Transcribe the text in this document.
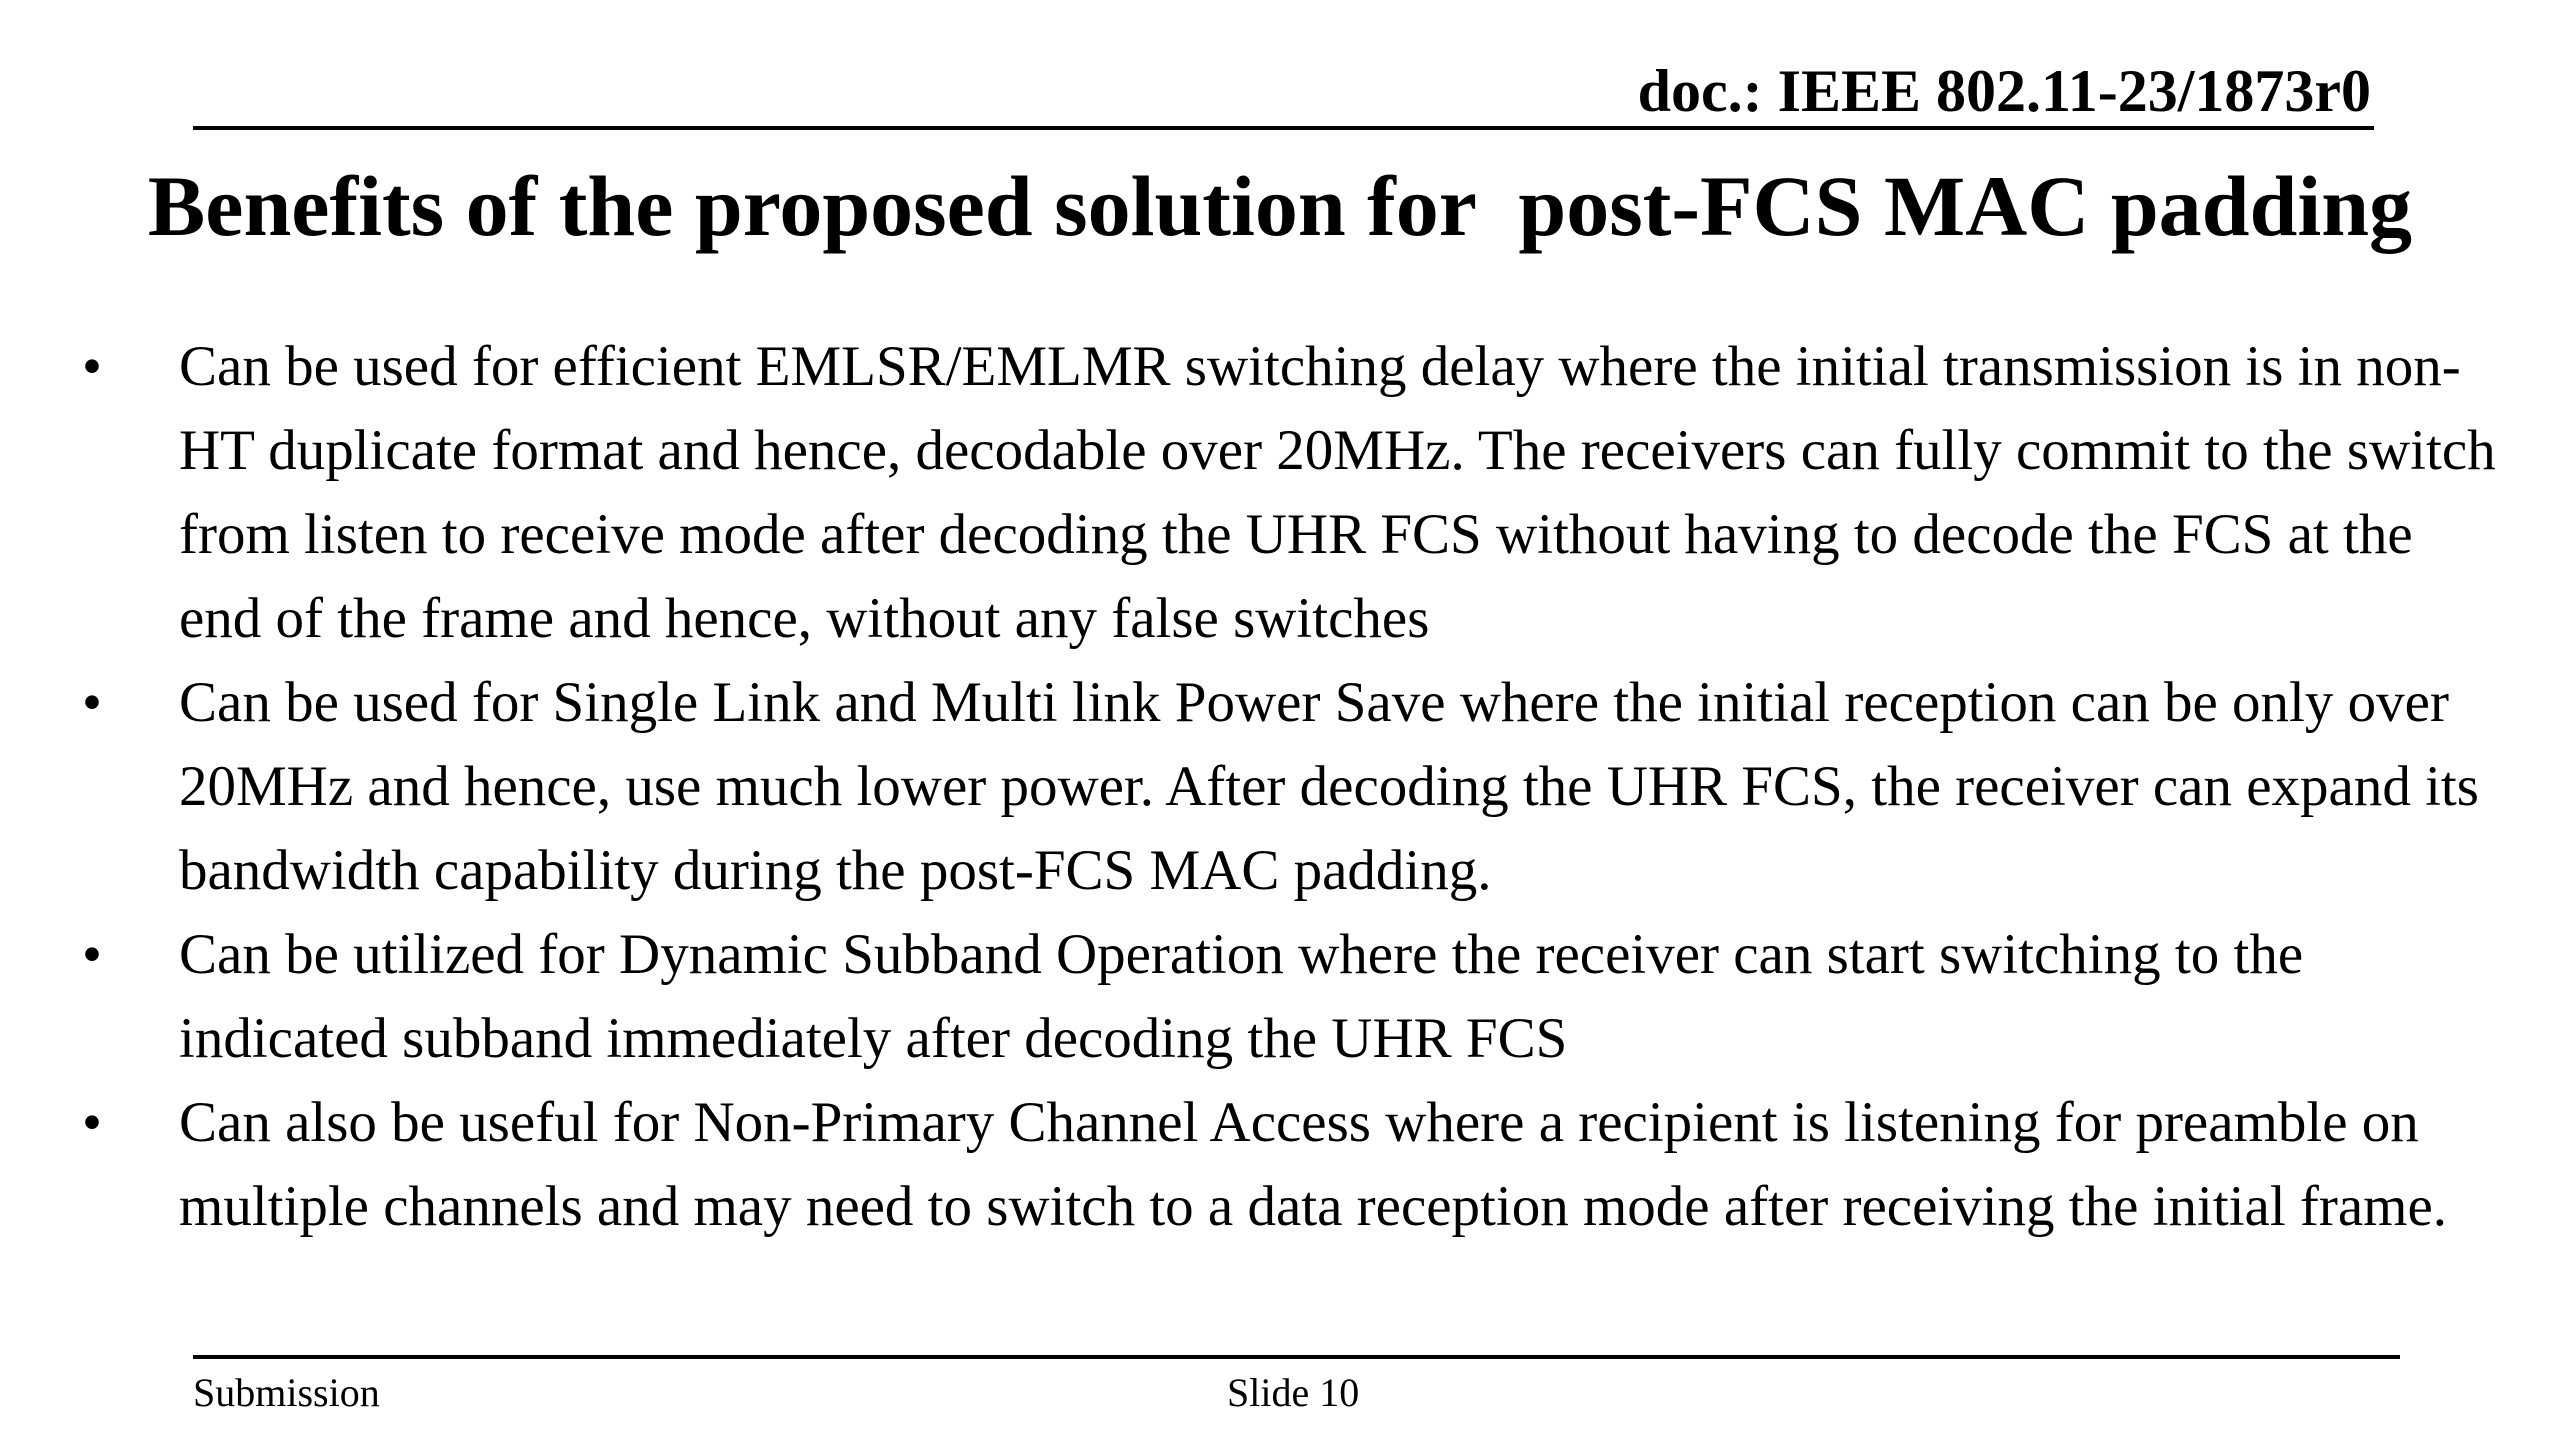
doc.: IEEE 802.11-23/1873r0
Benefits of the proposed solution for  post-FCS MAC padding
•	Can be used for efficient EMLSR/EMLMR switching delay where the initial transmission is in non-HT duplicate format and hence, decodable over 20MHz. The receivers can fully commit to the switch from listen to receive mode after decoding the UHR FCS without having to decode the FCS at the end of the frame and hence, without any false switches
•	Can be used for Single Link and Multi link Power Save where the initial reception can be only over 20MHz and hence, use much lower power. After decoding the UHR FCS, the receiver can expand its bandwidth capability during the post-FCS MAC padding.
•	Can be utilized for Dynamic Subband Operation where the receiver can start switching to the indicated subband immediately after decoding the UHR FCS
•	Can also be useful for Non-Primary Channel Access where a recipient is listening for preamble on multiple channels and may need to switch to a data reception mode after receiving the initial frame.
Submission	Slide 10
